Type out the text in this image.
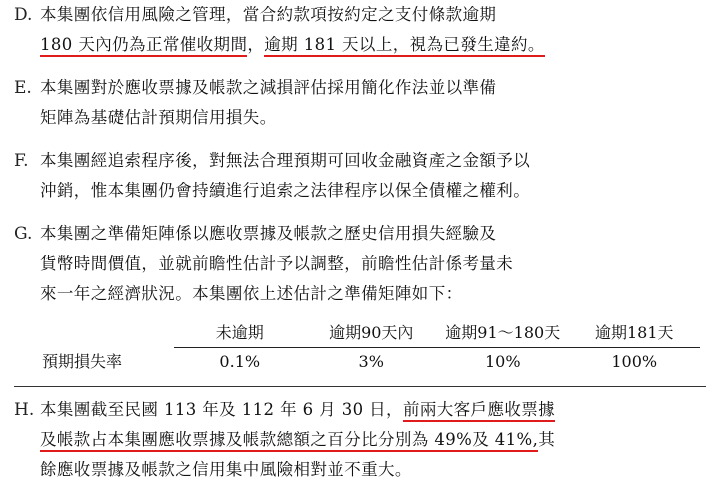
D. 本集團依信用風險之管理，當合約款項按約定之支付條款逾期
180 天內仍為正常催收期間，逾期 181 天以上，視為已發生違約。
E. 本集團對於應收票據及帳款之減損評估採用簡化作法並以準備
矩陣為基礎估計預期信用損失。
F. 本集團經追索程序後，對無法合理預期可回收金融資產之金額予以
沖銷，惟本集團仍會持續進行追索之法律程序以保全債權之權利。
G. 本集團之準備矩陣係以應收票據及帳款之歷史信用損失經驗及
貨幣時間價值，並就前瞻性估計予以調整，前瞻性估計係考量未
來一年之經濟狀況。本集團依上述估計之準備矩陣如下：
	未逾期	逾期90天內	逾期91～180天	逾期181天
預期損失率	0.1%	3%	10%	100%
H. 本集團截至民國 113 年及 112 年 6 月 30 日，前兩大客戶應收票據
及帳款占本集團應收票據及帳款總額之百分比分別為 49%及 41%,其
餘應收票據及帳款之信用集中風險相對並不重大。
